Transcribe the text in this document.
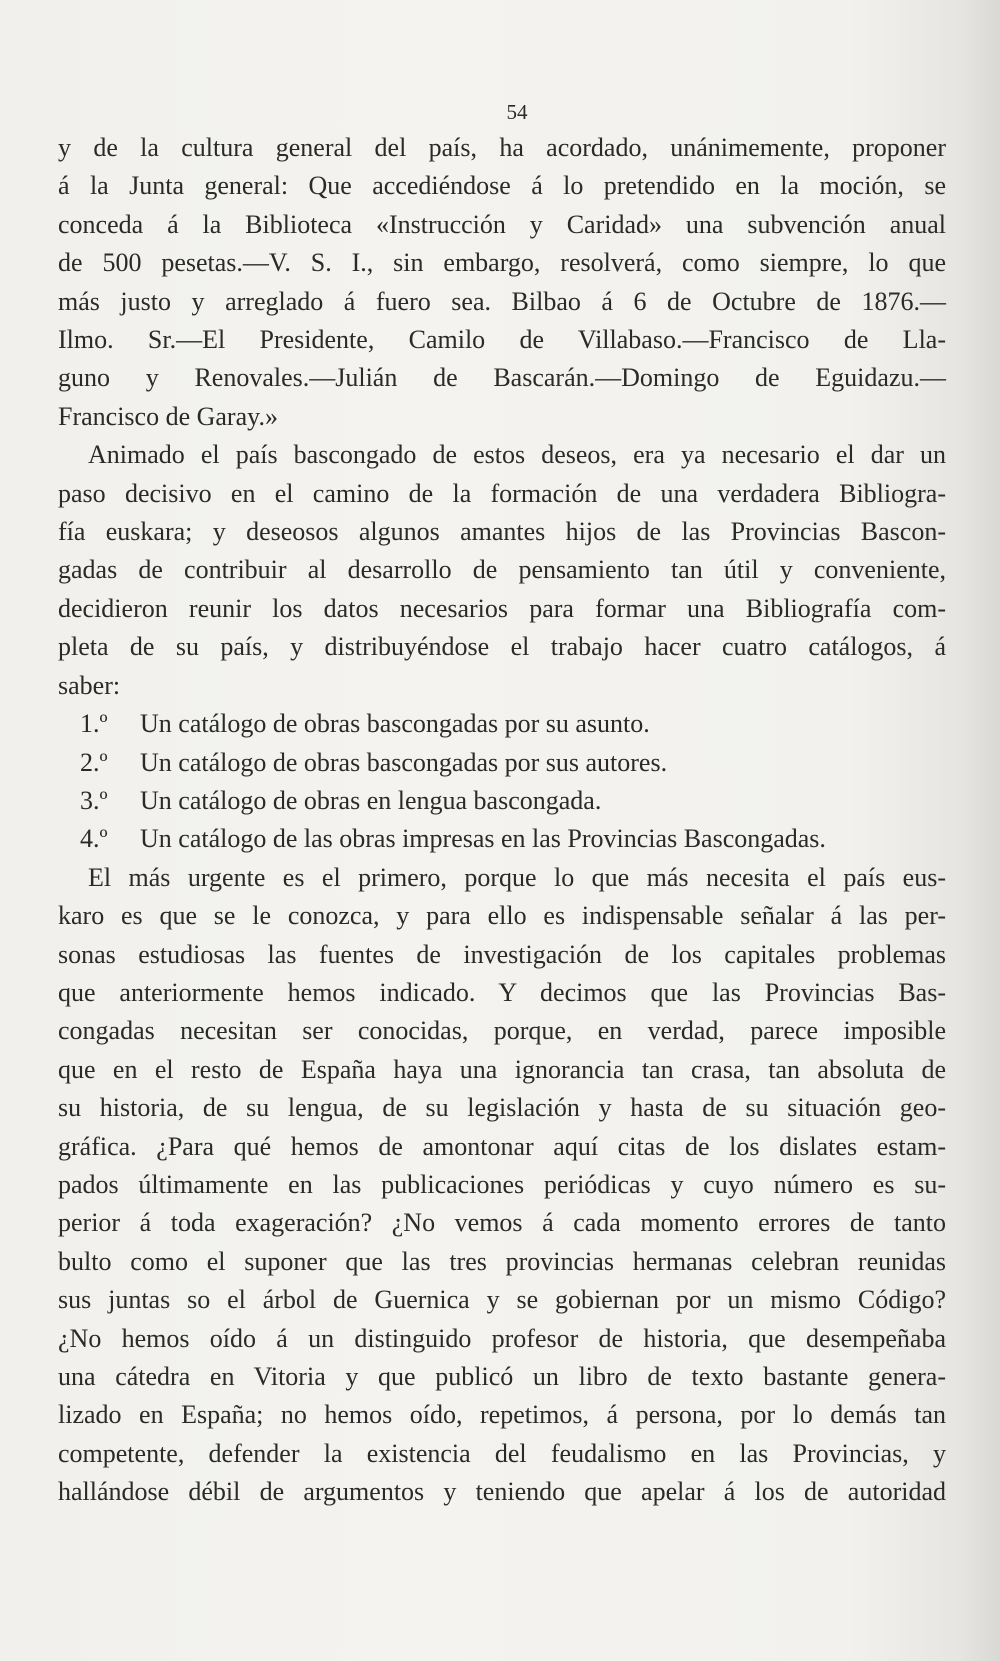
54

y de la cultura general del país, ha acordado, unánimemente, proponer
á la Junta general: Que accediéndose á lo pretendido en la moción, se
conceda á la Biblioteca «Instrucción y Caridad» una subvención anual
de 500 pesetas.—V. S. I., sin embargo, resolverá, como siempre, lo que
más justo y arreglado á fuero sea. Bilbao á 6 de Octubre de 1876.—
Ilmo. Sr.—El Presidente, Camilo de Villabaso.—Francisco de Lla-
guno y Renovales.—Julián de Bascarán.—Domingo de Eguidazu.—
Francisco de Garay.»

Animado el país bascongado de estos deseos, era ya necesario el dar un
paso decisivo en el camino de la formación de una verdadera Bibliogra-
fía euskara; y deseosos algunos amantes hijos de las Provincias Bascon-
gadas de contribuir al desarrollo de pensamiento tan útil y conveniente,
decidieron reunir los datos necesarios para formar una Bibliografía com-
pleta de su país, y distribuyéndose el trabajo hacer cuatro catálogos, á
saber:

1.º	Un catálogo de obras bascongadas por su asunto.
2.º	Un catálogo de obras bascongadas por sus autores.
3.º	Un catálogo de obras en lengua bascongada.
4.º	Un catálogo de las obras impresas en las Provincias Bascongadas.

El más urgente es el primero, porque lo que más necesita el país eus-
karo es que se le conozca, y para ello es indispensable señalar á las per-
sonas estudiosas las fuentes de investigación de los capitales problemas
que anteriormente hemos indicado. Y decimos que las Provincias Bas-
congadas necesitan ser conocidas, porque, en verdad, parece imposible
que en el resto de España haya una ignorancia tan crasa, tan absoluta de
su historia, de su lengua, de su legislación y hasta de su situación geo-
gráfica. ¿Para qué hemos de amontonar aquí citas de los dislates estam-
pados últimamente en las publicaciones periódicas y cuyo número es su-
perior á toda exageración? ¿No vemos á cada momento errores de tanto
bulto como el suponer que las tres provincias hermanas celebran reunidas
sus juntas so el árbol de Guernica y se gobiernan por un mismo Código?
¿No hemos oído á un distinguido profesor de historia, que desempeñaba
una cátedra en Vitoria y que publicó un libro de texto bastante genera-
lizado en España; no hemos oído, repetimos, á persona, por lo demás tan
competente, defender la existencia del feudalismo en las Provincias, y
hallándose débil de argumentos y teniendo que apelar á los de autoridad
